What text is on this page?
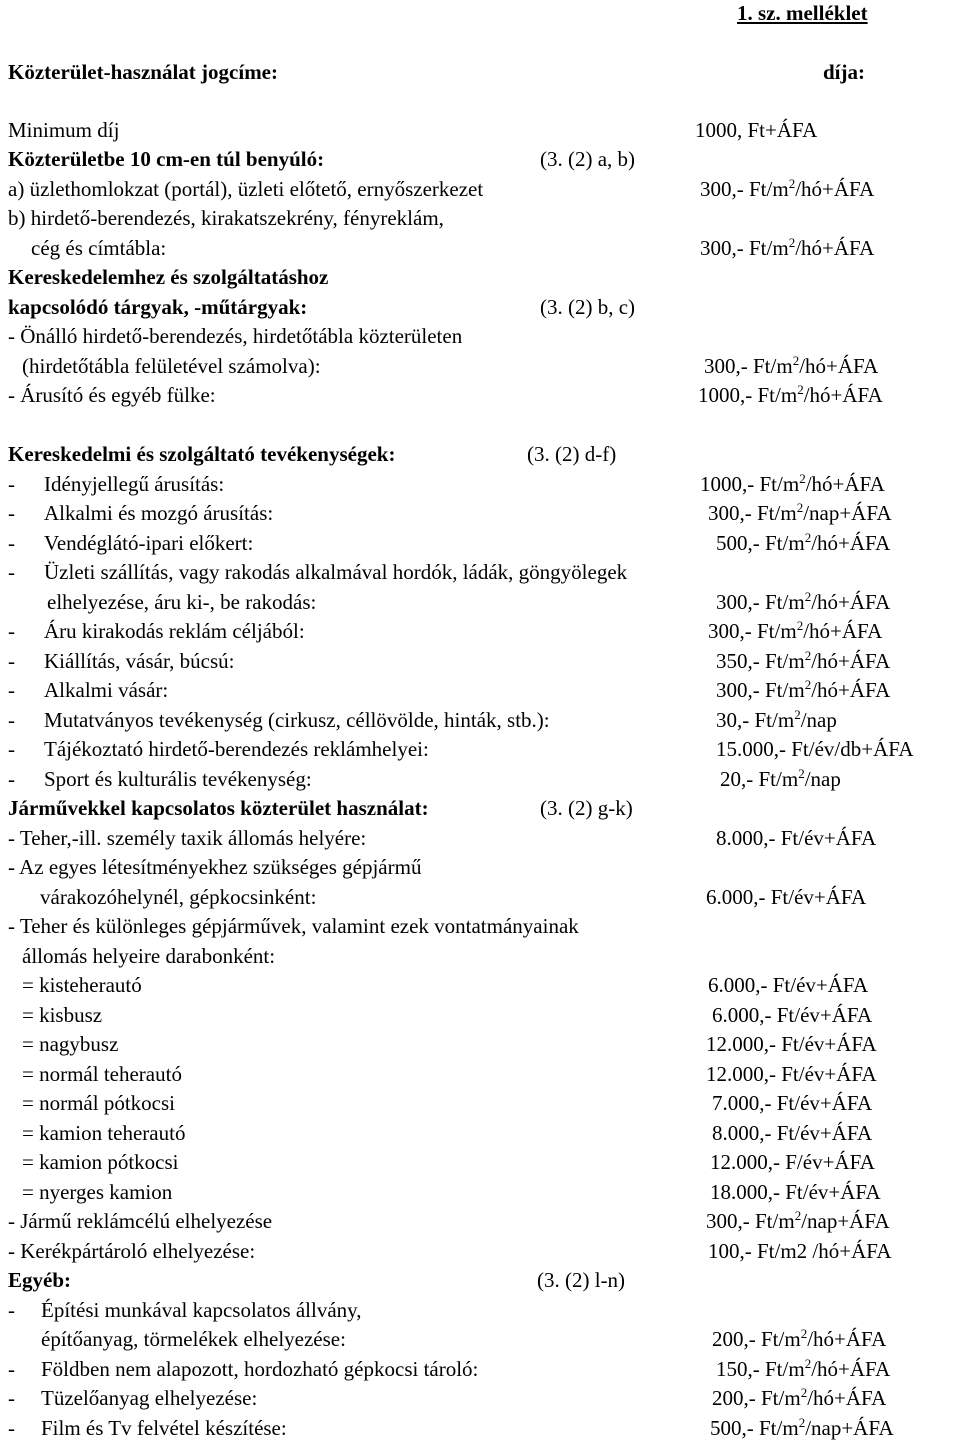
1. sz. melléklet
Közterület-használat jogcíme:	díja:
Minimum díj	1000, Ft+ÁFA
Közterületbe 10 cm-en túl benyúló:	(3. (2) a, b)
a) üzlethomlokzat (portál), üzleti előtető, ernyőszerkezet	300,- $Ft/m^2/hó+ÁFA$
b) hirdető-berendezés, kirakatszekrény, fényreklám,
cég és címtábla:	300,- $Ft/m^2/hó+ÁFA$
Kereskedelemhez és szolgáltatáshoz
kapcsolódó tárgyak, -műtárgyak:	(3. (2) b, c)
- Önálló hirdető-berendezés, hirdetőtábla közterületen
(hirdetőtábla felületével számolva):	300,- $Ft/m^2/hó+ÁFA$
- Árusító és egyéb fülke:	1000,- $Ft/m^2/hó+ÁFA$
Kereskedelmi és szolgáltató tevékenységek:	(3. (2) d-f)
- Idényjellegű árusítás:	1000,- $Ft/m^2/hó+ÁFA$
- Alkalmi és mozgó árusítás:	300,- $Ft/m^2/nap+ÁFA$
- Vendéglátó-ipari előkert:	500,- $Ft/m^2/hó+ÁFA$
- Üzleti szállítás, vagy rakodás alkalmával hordók, ládák, göngyölegek
elhelyezése, áru ki-, be rakodás:	300,- $Ft/m^2/hó+ÁFA$
- Áru kirakodás reklám céljából:	300,- $Ft/m^2/hó+ÁFA$
- Kiállítás, vásár, búcsú:	350,- $Ft/m^2/hó+ÁFA$
- Alkalmi vásár:	300,- $Ft/m^2/hó+ÁFA$
- Mutatványos tevékenység (cirkusz, céllövölde, hinták, stb.):	30,- $Ft/m^2$/nap
- Tájékoztató hirdető-berendezés reklámhelyei:	15.000,- Ft/év/db+ÁFA
- Sport és kulturális tevékenység:	20,- $Ft/m^2$/nap
Járművekkel kapcsolatos közterület használat:	(3. (2) g-k)
- Teher,-ill. személy taxik állomás helyére:	8.000,- Ft/év+ÁFA
- Az egyes létesítményekhez szükséges gépjármű
várakozóhelynél, gépkocsinként:	6.000,- Ft/év+ÁFA
- Teher és különleges gépjárművek, valamint ezek vontatmányainak
állomás helyeire darabonként:
= kisteherautó	6.000,- Ft/év+ÁFA
= kisbusz	6.000,- Ft/év+ÁFA
= nagybusz	12.000,- Ft/év+ÁFA
= normál teherautó	12.000,- Ft/év+ÁFA
= normál pótkocsi	7.000,- Ft/év+ÁFA
= kamion teherautó	8.000,- Ft/év+ÁFA
= kamion pótkocsi	12.000,- F/év+ÁFA
= nyerges kamion	18.000,- Ft/év+ÁFA
- Jármű reklámcélú elhelyezése	300,- $Ft/m^2/nap+ÁFA$
- Kerékpártároló elhelyezése:	100,- Ft/m2 /hó+ÁFA
Egyéb:	(3. (2) l-n)
- Építési munkával kapcsolatos állvány,
építőanyag, törmelékek elhelyezése:	200,- $Ft/m^2/hó+ÁFA$
- Földben nem alapozott, hordozható gépkocsi tároló:	150,- $Ft/m^2/hó+ÁFA$
- Tüzelőanyag elhelyezése:	200,- $Ft/m^2/hó+ÁFA$
- Film és Tv felvétel készítése:	500,- $Ft/m^2/nap+ÁFA$
